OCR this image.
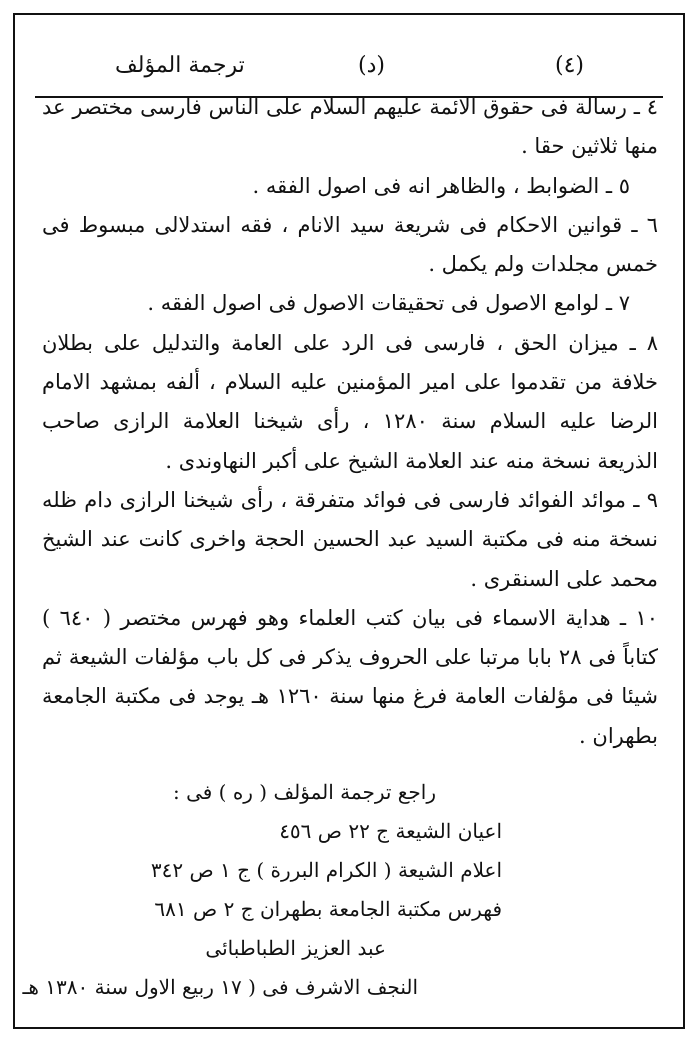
ترجمة المؤلف	(د)	(٤)

٤ ـ رسالة فى حقوق الائمة عليهم السلام على الناس فارسى مختصر عد منها ثلاثين حقا .

٥ ـ الضوابط ، والظاهر انه فى اصول الفقه .

٦ ـ قوانين الاحكام فى شريعة سيد الانام ، فقه استدلالى مبسوط فى خمس مجلدات ولم يكمل .

٧ ـ لوامع الاصول فى تحقيقات الاصول فى اصول الفقه .

٨ ـ ميزان الحق ، فارسى فى الرد على العامة والتدليل على بطلان خلافة من تقدموا على امير المؤمنين عليه السلام ، ألفه بمشهد الامام الرضا عليه السلام سنة ١٢٨٠ ، رأى شيخنا العلامة الرازى صاحب الذريعة نسخة منه عند العلامة الشيخ على أكبر النهاوندى .

٩ ـ موائد الفوائد فارسى فى فوائد متفرقة ، رأى شيخنا الرازى دام ظله نسخة منه فى مكتبة السيد عبد الحسين الحجة واخرى كانت عند الشيخ محمد على السنقرى .

١٠ ـ هداية الاسماء فى بيان كتب العلماء وهو فهرس مختصر ( ٦٤٠ ) كتاباً فى ٢٨ بابا مرتبا على الحروف يذكر فى كل باب مؤلفات الشيعة ثم شيئا فى مؤلفات العامة فرغ منها سنة ١٢٦٠ هـ يوجد فى مكتبة الجامعة بطهران .

راجع ترجمة المؤلف ( ره ) فى :

اعيان الشيعة ج ٢٢ ص ٤٥٦

اعلام الشيعة ( الكرام البررة ) ج ١ ص ٣٤٢

فهرس مكتبة الجامعة بطهران ج ٢ ص ٦٨١

عبد العزيز الطباطبائى

النجف الاشرف فى ( ١٧ ربيع الاول سنة ١٣٨٠ هـ
